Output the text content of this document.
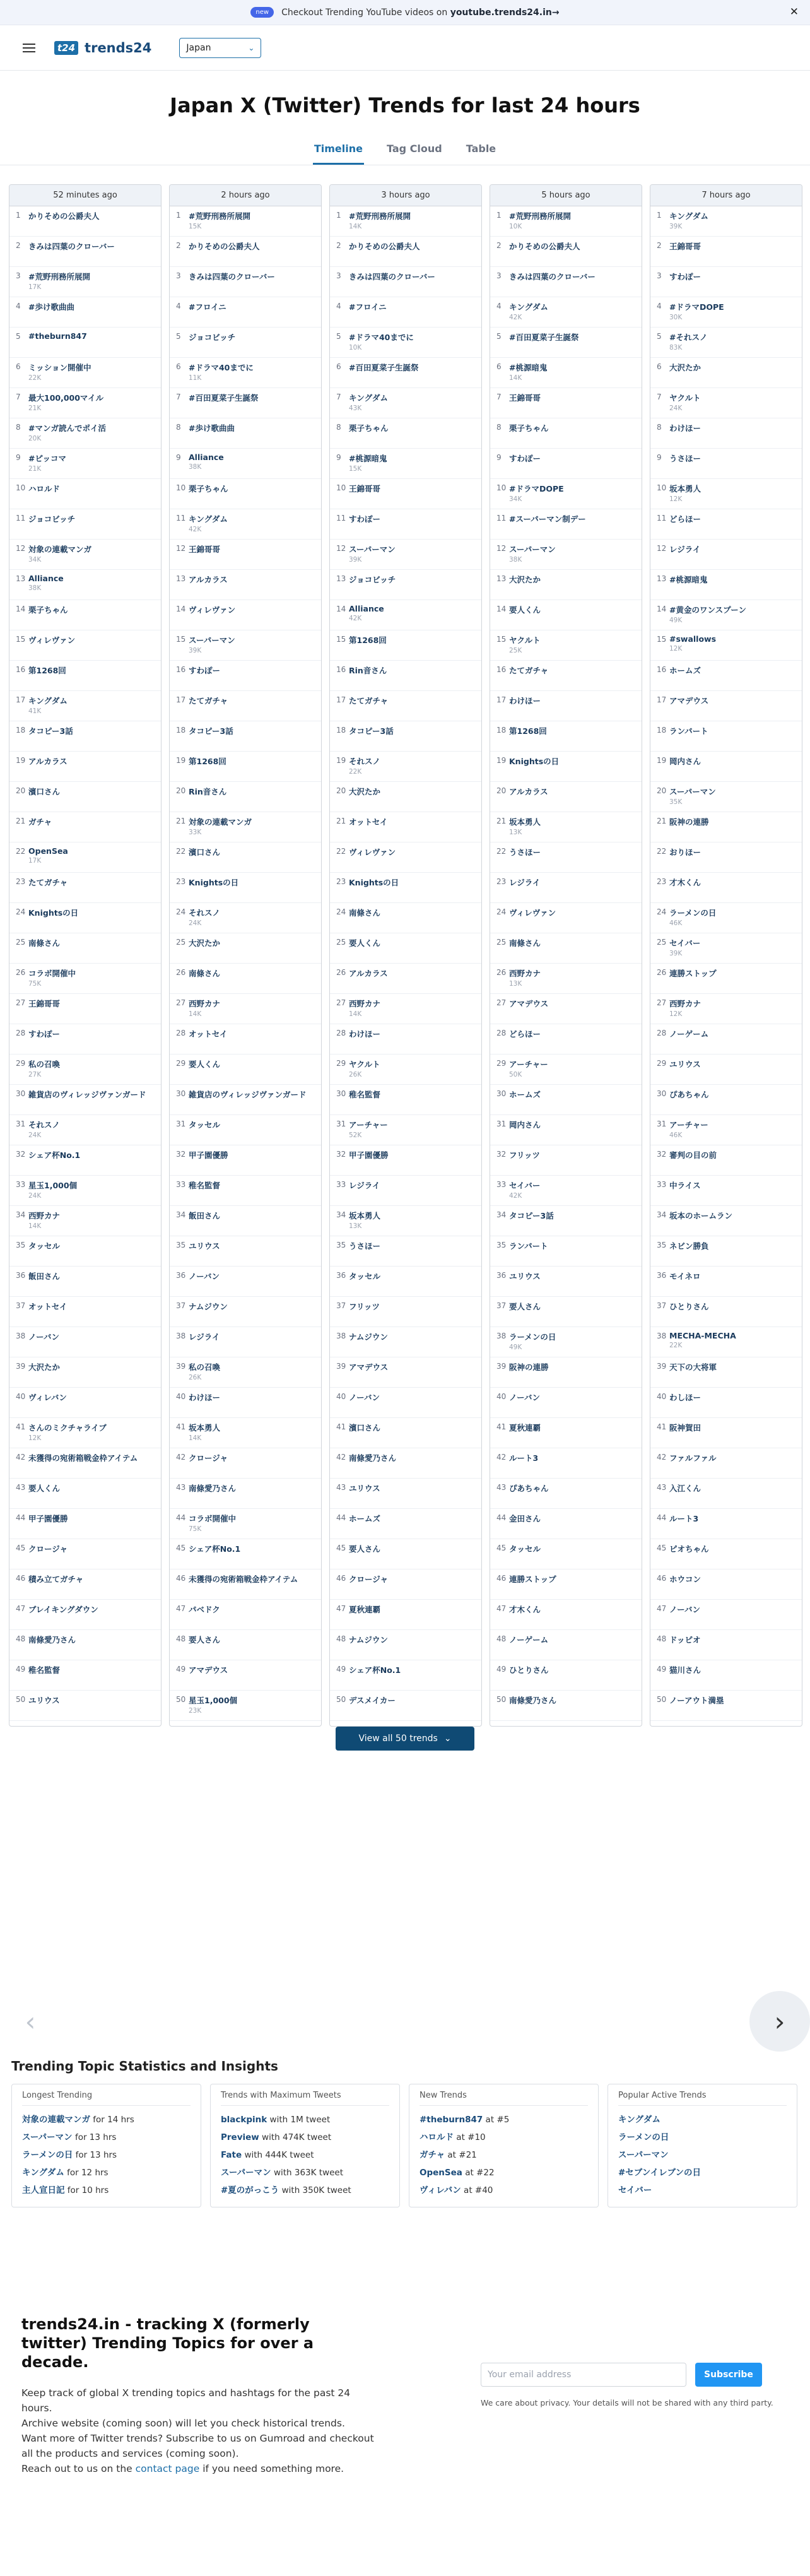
new	Checkout Trending YouTube videos on
youtube.trends24.in→	✕
t24 trends24	Japan	⌄
Japan X (Twitter) Trends for last 24 hours
Timeline Tag Cloud Table
52 minutes ago
1 かりそめの公爵夫人
2 きみは四葉のクローバー
3 #荒野刑務所展開
17K
4 #歩け歌曲曲
5 #theburn847
6 ミッション開催中
22K
7 最大100,000マイル
21K
8 #マンガ読んでポイ活
20K
9 #ピッコマ
21K
10 ハロルド
11 ジョコビッチ
12 対象の連載マンガ
34K
13 Alliance
38K
14 栗子ちゃん
15 ヴィレヴァン
16 第1268回
17 キングダム
41K
18 タコピー3話
19 アルカラス
20 濱口さん
21 ガチャ
22 OpenSea
17K
23 たてガチャ
24 Knightsの日
25 南條さん
26 コラボ開催中
75K
27 王錦哥哥
28 すわぽー
29 私の召喚
27K
30 雑貨店のヴィレッジヴァンガード
31 それスノ
24K
32 シェア杯No.1
33 星玉1,000個
24K
34 西野カナ
14K
35 タッセル
36 飯田さん
37 オットセイ
38 ノーバン
39 大沢たか
40 ヴィレバン
41 さんのミクチャライブ
12K
42 未獲得の宛術箱戦金枠アイテム
43 要人くん
44 甲子園優勝
45 クロージャ
46 積み立てガチャ
47 ブレイキングダウン
48 南條愛乃さん
49 稚名監督
50 ユリウス
2 hours ago
1 #荒野刑務所展開
15K
2 かりそめの公爵夫人
3 きみは四葉のクローバー
4 #フロイニ
5 ジョコビッチ
6 #ドラマ40までに
11K
7 #百田夏菜子生誕祭
8 #歩け歌曲曲
9 Alliance
38K
10 栗子ちゃん
11 キングダム
42K
12 王錦哥哥
13 アルカラス
14 ヴィレヴァン
15 スーパーマン
39K
16 すわぽー
17 たてガチャ
18 タコピー3話
19 第1268回
20 Rin音さん
21 対象の連載マンガ
33K
22 濱口さん
23 Knightsの日
24 それスノ
24K
25 大沢たか
26 南條さん
27 西野カナ
14K
28 オットセイ
29 要人くん
30 雑貨店のヴィレッジヴァンガード
31 タッセル
32 甲子園優勝
33 稚名監督
34 飯田さん
35 ユリウス
36 ノーバン
37 ナムジウン
38 レジライ
39 私の召喚
26K
40 わけほー
41 坂本勇人
14K
42 クロージャ
43 南條愛乃さん
44 コラボ開催中
75K
45 シェア杯No.1
46 未獲得の宛術箱戦金枠アイテム
47 パベドク
48 要人さん
49 アマデウス
50 星玉1,000個
23K
3 hours ago
1 #荒野刑務所展開
14K
2 かりそめの公爵夫人
3 きみは四葉のクローバー
4 #フロイニ
5 #ドラマ40までに
10K
6 #百田夏菜子生誕祭
7 キングダム
43K
8 栗子ちゃん
9 #桃源暗鬼
15K
10 王錦哥哥
11 すわぽー
12 スーパーマン
39K
13 ジョコビッチ
14 Alliance
42K
15 第1268回
16 Rin音さん
17 たてガチャ
18 タコピー3話
19 それスノ
22K
20 大沢たか
21 オットセイ
22 ヴィレヴァン
23 Knightsの日
24 南條さん
25 要人くん
26 アルカラス
27 西野カナ
14K
28 わけほー
29 ヤクルト
26K
30 稚名監督
31 アーチャー
52K
32 甲子園優勝
33 レジライ
34 坂本勇人
13K
35 うさほー
36 タッセル
37 フリッツ
38 ナムジウン
39 アマデウス
40 ノーバン
41 濱口さん
42 南條愛乃さん
43 ユリウス
44 ホームズ
45 要人さん
46 クロージャ
47 夏秋連覇
48 ナムジウン
49 シェア杯No.1
50 デスメイカー
5 hours ago
1 #荒野刑務所展開
10K
2 かりそめの公爵夫人
3 きみは四葉のクローバー
4 キングダム
42K
5 #百田夏菜子生誕祭
6 #桃源暗鬼
14K
7 王錦哥哥
8 栗子ちゃん
9 すわぽー
10 #ドラマDOPE
34K
11 #スーパーマン制デー
12 スーパーマン
38K
13 大沢たか
14 要人くん
15 ヤクルト
25K
16 たてガチャ
17 わけほー
18 第1268回
19 Knightsの日
20 アルカラス
21 坂本勇人
13K
22 うさほー
23 レジライ
24 ヴィレヴァン
25 南條さん
26 西野カナ
13K
27 アマデウス
28 どらほー
29 アーチャー
50K
30 ホームズ
31 岡内さん
32 フリッツ
33 セイバー
42K
34 タコピー3話
35 ランパート
36 ユリウス
37 要人さん
38 ラーメンの日
49K
39 阪神の連勝
40 ノーバン
41 夏秋連覇
42 ルート3
43 ぴあちゃん
44 金田さん
45 タッセル
46 連勝ストップ
47 才木くん
48 ノーゲーム
49 ひとりさん
50 南條愛乃さん
7 hours ago
1 キングダム
39K
2 王錦哥哥
3 すわぽー
4 #ドラマDOPE
30K
5 #それスノ
83K
6 大沢たか
7 ヤクルト
24K
8 わけほー
9 うさほー
10 坂本勇人
12K
11 どらほー
12 レジライ
13 #桃源暗鬼
14 #黄金のワンスプーン
49K
15 #swallows
12K
16 ホームズ
17 アマデウス
18 ランパート
19 岡内さん
20 スーパーマン
35K
21 阪神の連勝
22 おりほー
23 才木くん
24 ラーメンの日
46K
25 セイバー
39K
26 連勝ストップ
27 西野カナ
12K
28 ノーゲーム
29 ユリウス
30 ぴあちゃん
31 アーチャー
46K
32 審判の目の前
33 中ライス
34 坂本のホームラン
35 ネビン勝負
36 モイネロ
37 ひとりさん
38 MECHA-MECHA
22K
39 天下の大将軍
40 わしほー
41 阪神賀田
42 ファルファル
43 入江くん
44 ルート3
45 ピオちゃん
46 ホウコン
47 ノーバン
48 ドッピオ
49 猫川さん
50 ノーアウト満塁
View all 50 trends ⌄
‹	›
Trending Topic Statistics and Insights
Longest Trending
対象の連載マンガ for 14 hrs
スーパーマン for 13 hrs
ラーメンの日 for 13 hrs
キングダム for 12 hrs
主人宣日記 for 10 hrs
Trends with Maximum Tweets
blackpink with 1M tweet
Preview with 474K tweet
Fate with 444K tweet
スーパーマン with 363K tweet
#夏のがっこう with 350K tweet
New Trends
#theburn847 at #5
ハロルド at #10
ガチャ at #21
OpenSea at #22
ヴィレバン at #40
Popular Active Trends
キングダム
ラーメンの日
スーパーマン
#セブンイレブンの日
セイバー
trends24.in - tracking X (formerly twitter) Trending Topics for over a decade.

Keep track of global X trending topics and hashtags for the past 24 hours.

Archive website (coming soon) will let you check historical trends.

Want more of Twitter trends? Subscribe to us on Gumroad and checkout all the products and services (coming soon).

Reach out to us on the contact page if you need something more.

Your email address	Subscribe
We care about privacy. Your details will not be shared with any third party.
